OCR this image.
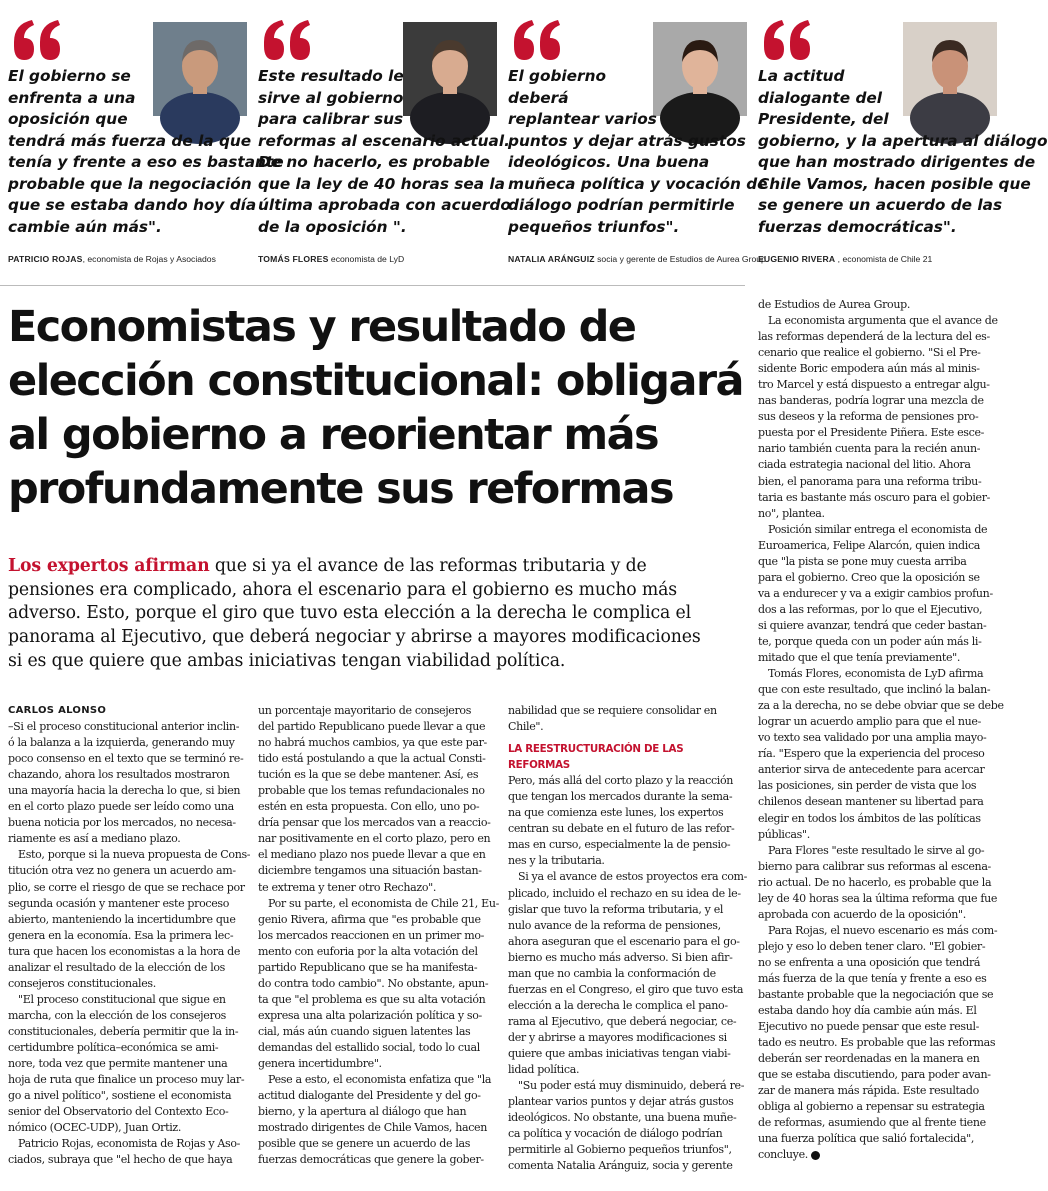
El gobierno se
enfrenta a una
oposición que
tendrá más fuerza de la que
tenía y frente a eso es bastante
probable que la negociación
que se estaba dando hoy día
cambie aún más".
PATRICIO ROJAS, economista de Rojas y Asociados
Este resultado le
sirve al gobierno
para calibrar sus
reformas al escenario actual.
De no hacerlo, es probable
que la ley de 40 horas sea la
última aprobada con acuerdo
de la oposición ".
TOMÁS FLORES economista de LyD
El gobierno
deberá
replantear varios
puntos y dejar atrás gustos
ideológicos. Una buena
muñeca política y vocación de
diálogo podrían permitirle
pequeños triunfos".
NATALIA ARÁNGUIZ socia y gerente de Estudios de Aurea Group
La actitud
dialogante del
Presidente, del
gobierno, y la apertura al diálogo
que han mostrado dirigentes de
Chile Vamos, hacen posible que
se genere un acuerdo de las
fuerzas democráticas".
EUGENIO RIVERA , economista de Chile 21
Economistas y resultado de
elección constitucional: obligará
al gobierno a reorientar más
profundamente sus reformas
Los expertos afirman que si ya el avance de las reformas tributaria y de
pensiones era complicado, ahora el escenario para el gobierno es mucho más
adverso. Esto, porque el giro que tuvo esta elección a la derecha le complica el
panorama al Ejecutivo, que deberá negociar y abrirse a mayores modificaciones
si es que quiere que ambas iniciativas tengan viabilidad política.
CARLOS ALONSO
–Si el proceso constitucional anterior inclin-
ó la balanza a la izquierda, generando muy
poco consenso en el texto que se terminó re-
chazando, ahora los resultados mostraron
una mayoría hacia la derecha lo que, si bien
en el corto plazo puede ser leído como una
buena noticia por los mercados, no necesa-
riamente es así a mediano plazo.
Esto, porque si la nueva propuesta de Cons-
titución otra vez no genera un acuerdo am-
plio, se corre el riesgo de que se rechace por
segunda ocasión y mantener este proceso
abierto, manteniendo la incertidumbre que
genera en la economía. Esa la primera lec-
tura que hacen los economistas a la hora de
analizar el resultado de la elección de los
consejeros constitucionales.
"El proceso constitucional que sigue en
marcha, con la elección de los consejeros
constitucionales, debería permitir que la in-
certidumbre política–económica se ami-
nore, toda vez que permite mantener una
hoja de ruta que finalice un proceso muy lar-
go a nivel político", sostiene el economista
senior del Observatorio del Contexto Eco-
nómico (OCEC-UDP), Juan Ortiz.
Patricio Rojas, economista de Rojas y Aso-
ciados, subraya que "el hecho de que haya
un porcentaje mayoritario de consejeros
del partido Republicano puede llevar a que
no habrá muchos cambios, ya que este par-
tido está postulando a que la actual Consti-
tución es la que se debe mantener. Así, es
probable que los temas refundacionales no
estén en esta propuesta. Con ello, uno po-
dría pensar que los mercados van a reaccio-
nar positivamente en el corto plazo, pero en
el mediano plazo nos puede llevar a que en
diciembre tengamos una situación bastan-
te extrema y tener otro Rechazo".
Por su parte, el economista de Chile 21, Eu-
genio Rivera, afirma que "es probable que
los mercados reaccionen en un primer mo-
mento con euforia por la alta votación del
partido Republicano que se ha manifesta-
do contra todo cambio". No obstante, apun-
ta que "el problema es que su alta votación
expresa una alta polarización política y so-
cial, más aún cuando siguen latentes las
demandas del estallido social, todo lo cual
genera incertidumbre".
Pese a esto, el economista enfatiza que "la
actitud dialogante del Presidente y del go-
bierno, y la apertura al diálogo que han
mostrado dirigentes de Chile Vamos, hacen
posible que se genere un acuerdo de las
fuerzas democráticas que genere la gober-
nabilidad que se requiere consolidar en
Chile".
LA REESTRUCTURACIÓN DE LAS REFORMAS
Pero, más allá del corto plazo y la reacción
que tengan los mercados durante la sema-
na que comienza este lunes, los expertos
centran su debate en el futuro de las refor-
mas en curso, especialmente la de pensio-
nes y la tributaria.
Si ya el avance de estos proyectos era com-
plicado, incluido el rechazo en su idea de le-
gislar que tuvo la reforma tributaria, y el
nulo avance de la reforma de pensiones,
ahora aseguran que el escenario para el go-
bierno es mucho más adverso. Si bien afir-
man que no cambia la conformación de
fuerzas en el Congreso, el giro que tuvo esta
elección a la derecha le complica el pano-
rama al Ejecutivo, que deberá negociar, ce-
der y abrirse a mayores modificaciones si
quiere que ambas iniciativas tengan viabi-
lidad política.
"Su poder está muy disminuido, deberá re-
plantear varios puntos y dejar atrás gustos
ideológicos. No obstante, una buena muñe-
ca política y vocación de diálogo podrían
permitirle al Gobierno pequeños triunfos",
comenta Natalia Aránguiz, socia y gerente
de Estudios de Aurea Group.
La economista argumenta que el avance de
las reformas dependerá de la lectura del es-
cenario que realice el gobierno. "Si el Pre-
sidente Boric empodera aún más al minis-
tro Marcel y está dispuesto a entregar algu-
nas banderas, podría lograr una mezcla de
sus deseos y la reforma de pensiones pro-
puesta por el Presidente Piñera. Este esce-
nario también cuenta para la recién anun-
ciada estrategia nacional del litio. Ahora
bien, el panorama para una reforma tribu-
taria es bastante más oscuro para el gobier-
no", plantea.
Posición similar entrega el economista de
Euroamerica, Felipe Alarcón, quien indica
que "la pista se pone muy cuesta arriba
para el gobierno. Creo que la oposición se
va a endurecer y va a exigir cambios profun-
dos a las reformas, por lo que el Ejecutivo,
si quiere avanzar, tendrá que ceder bastan-
te, porque queda con un poder aún más li-
mitado que el que tenía previamente".
Tomás Flores, economista de LyD afirma
que con este resultado, que inclinó la balan-
za a la derecha, no se debe obviar que se debe
lograr un acuerdo amplio para que el nue-
vo texto sea validado por una amplia mayo-
ría. "Espero que la experiencia del proceso
anterior sirva de antecedente para acercar
las posiciones, sin perder de vista que los
chilenos desean mantener su libertad para
elegir en todos los ámbitos de las políticas
públicas".
Para Flores "este resultado le sirve al go-
bierno para calibrar sus reformas al escena-
rio actual. De no hacerlo, es probable que la
ley de 40 horas sea la última reforma que fue
aprobada con acuerdo de la oposición".
Para Rojas, el nuevo escenario es más com-
plejo y eso lo deben tener claro. "El gobier-
no se enfrenta a una oposición que tendrá
más fuerza de la que tenía y frente a eso es
bastante probable que la negociación que se
estaba dando hoy día cambie aún más. El
Ejecutivo no puede pensar que este resul-
tado es neutro. Es probable que las reformas
deberán ser reordenadas en la manera en
que se estaba discutiendo, para poder avan-
zar de manera más rápida. Este resultado
obliga al gobierno a repensar su estrategia
de reformas, asumiendo que al frente tiene
una fuerza política que salió fortalecida",
concluye.
